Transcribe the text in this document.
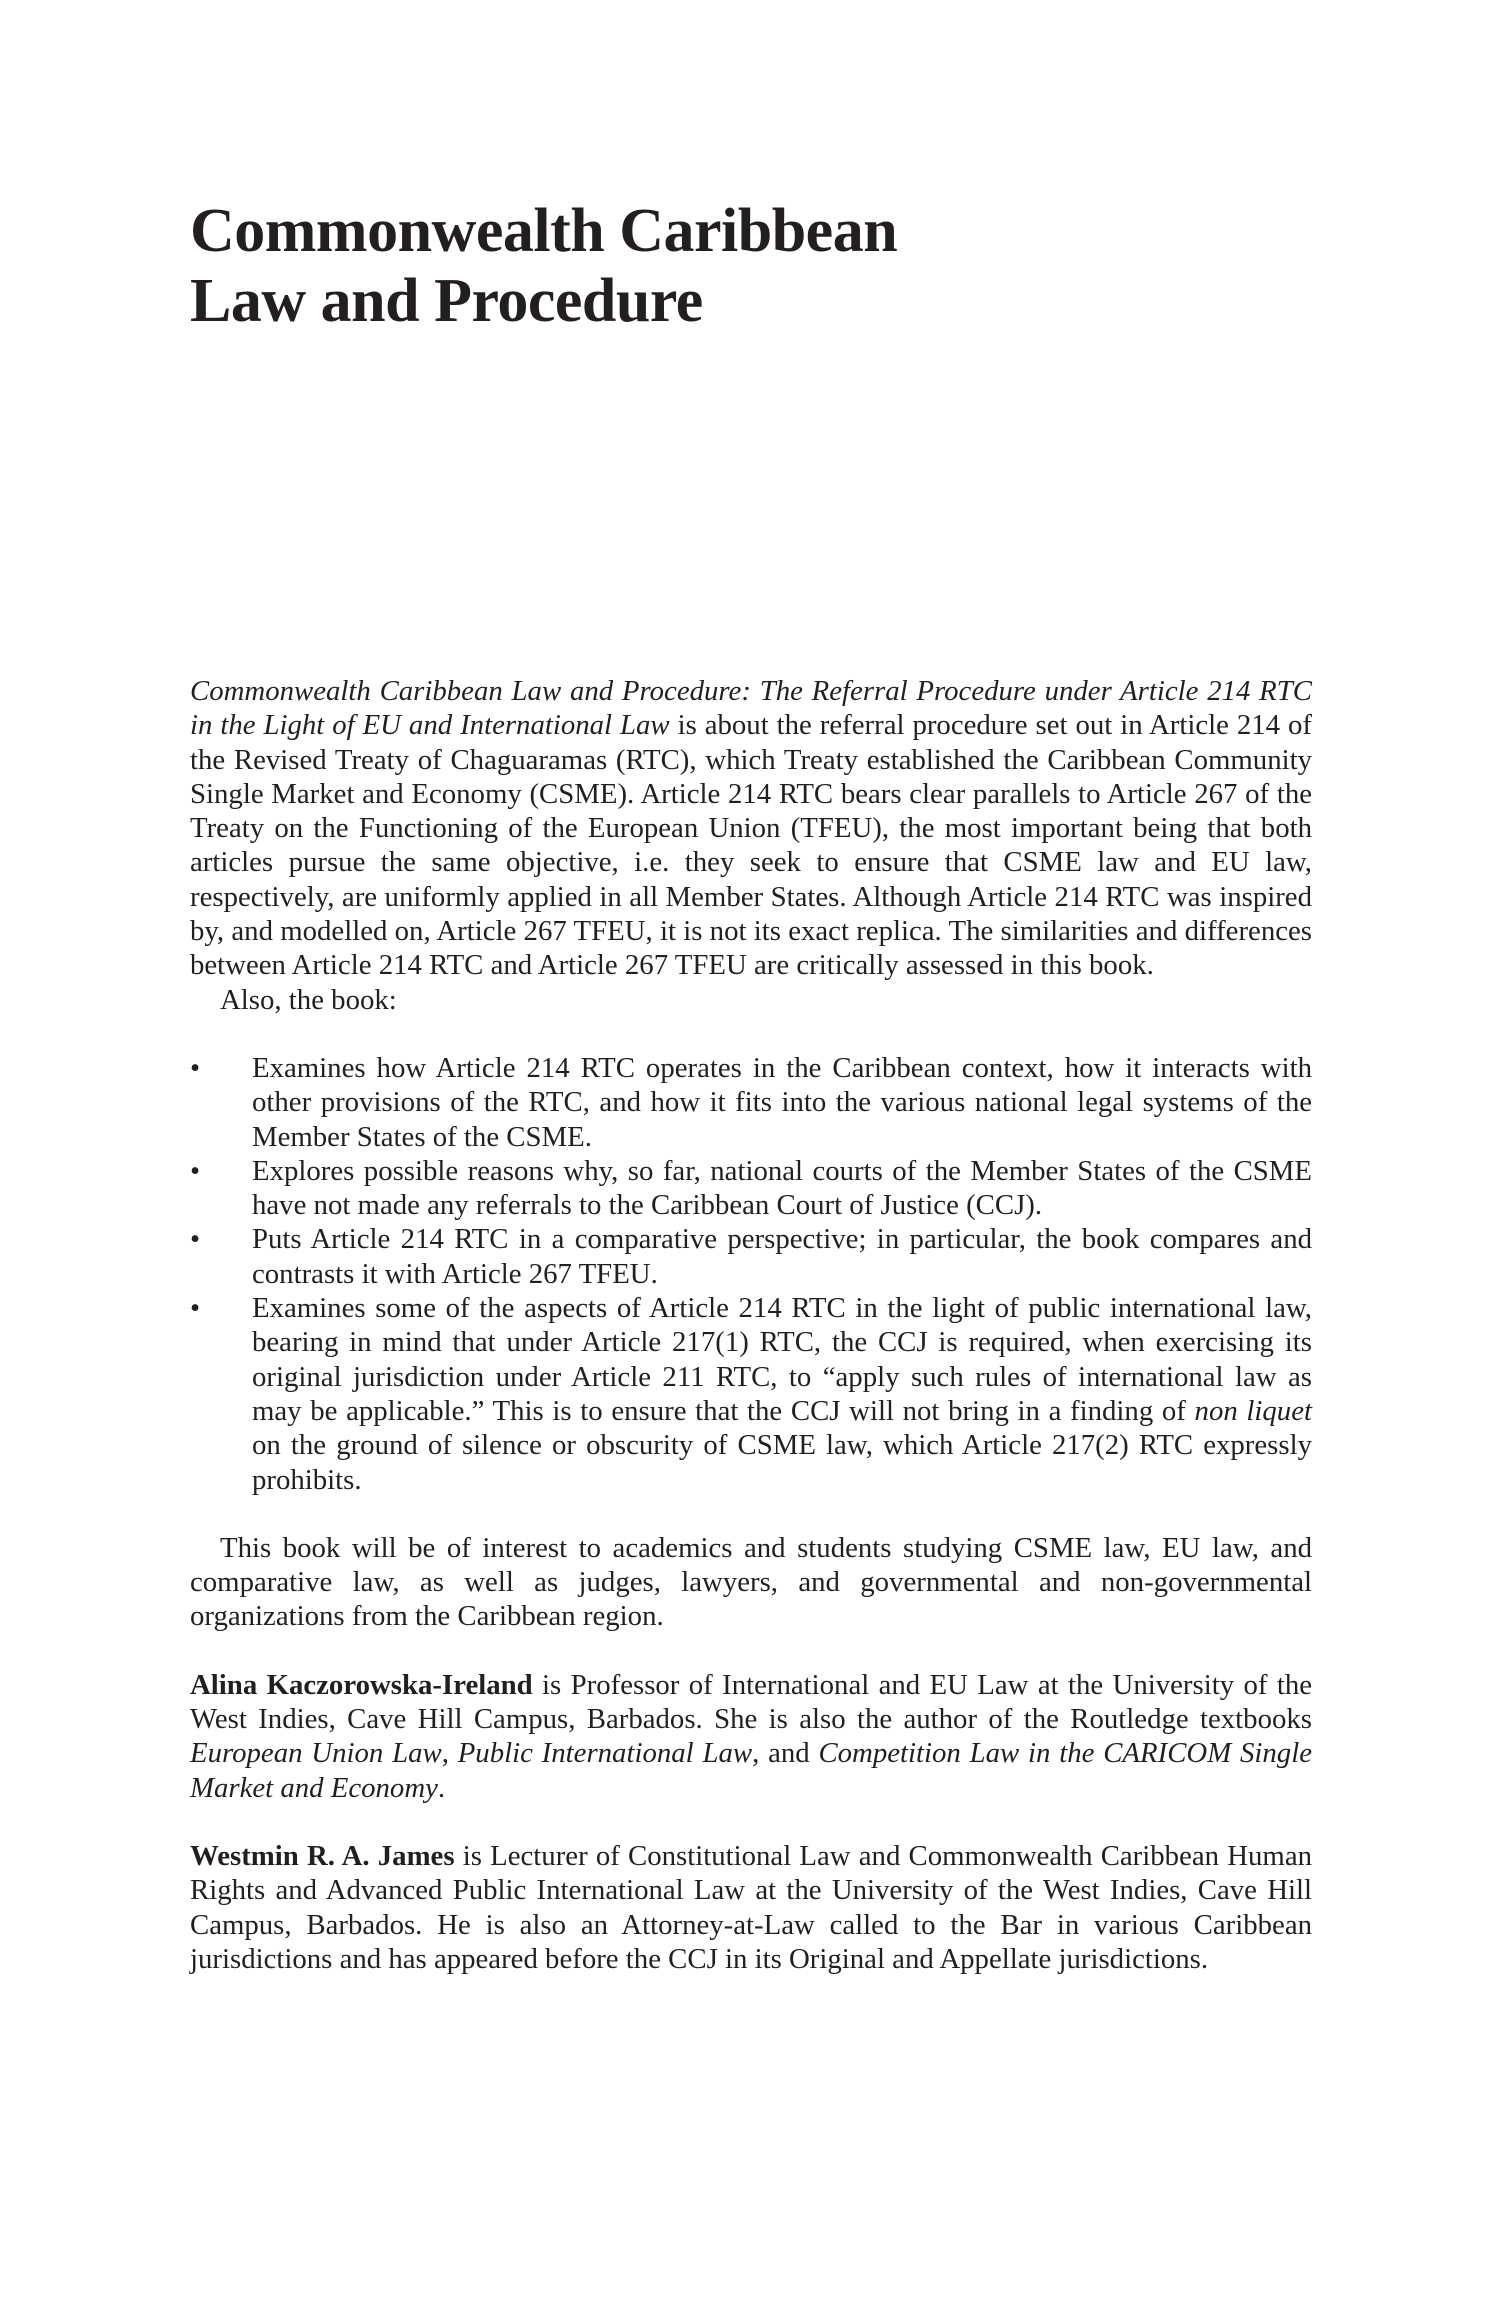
Commonwealth Caribbean
Law and Procedure

Commonwealth Caribbean Law and Procedure: The Referral Procedure under Article 214 RTC in the Light of EU and International Law is about the referral procedure set out in Article 214 of the Revised Treaty of Chaguaramas (RTC), which Treaty established the Caribbean Community Single Market and Economy (CSME). Article 214 RTC bears clear parallels to Article 267 of the Treaty on the Functioning of the European Union (TFEU), the most important being that both articles pursue the same objective, i.e. they seek to ensure that CSME law and EU law, respectively, are uniformly applied in all Member States. Although Article 214 RTC was inspired by, and modelled on, Article 267 TFEU, it is not its exact replica. The similarities and differences between Article 214 RTC and Article 267 TFEU are critically assessed in this book.

Also, the book:

• Examines how Article 214 RTC operates in the Caribbean context, how it interacts with other provisions of the RTC, and how it fits into the various national legal systems of the Member States of the CSME.
• Explores possible reasons why, so far, national courts of the Member States of the CSME have not made any referrals to the Caribbean Court of Justice (CCJ).
• Puts Article 214 RTC in a comparative perspective; in particular, the book compares and contrasts it with Article 267 TFEU.
• Examines some of the aspects of Article 214 RTC in the light of public international law, bearing in mind that under Article 217(1) RTC, the CCJ is required, when exercising its original jurisdiction under Article 211 RTC, to “apply such rules of international law as may be applicable.” This is to ensure that the CCJ will not bring in a finding of non liquet on the ground of silence or obscurity of CSME law, which Article 217(2) RTC expressly prohibits.

This book will be of interest to academics and students studying CSME law, EU law, and comparative law, as well as judges, lawyers, and governmental and non-governmental organizations from the Caribbean region.

Alina Kaczorowska-Ireland is Professor of International and EU Law at the University of the West Indies, Cave Hill Campus, Barbados. She is also the author of the Routledge textbooks European Union Law, Public International Law, and Competition Law in the CARICOM Single Market and Economy.

Westmin R. A. James is Lecturer of Constitutional Law and Commonwealth Caribbean Human Rights and Advanced Public International Law at the University of the West Indies, Cave Hill Campus, Barbados. He is also an Attorney-at-Law called to the Bar in various Caribbean jurisdictions and has appeared before the CCJ in its Original and Appellate jurisdictions.
